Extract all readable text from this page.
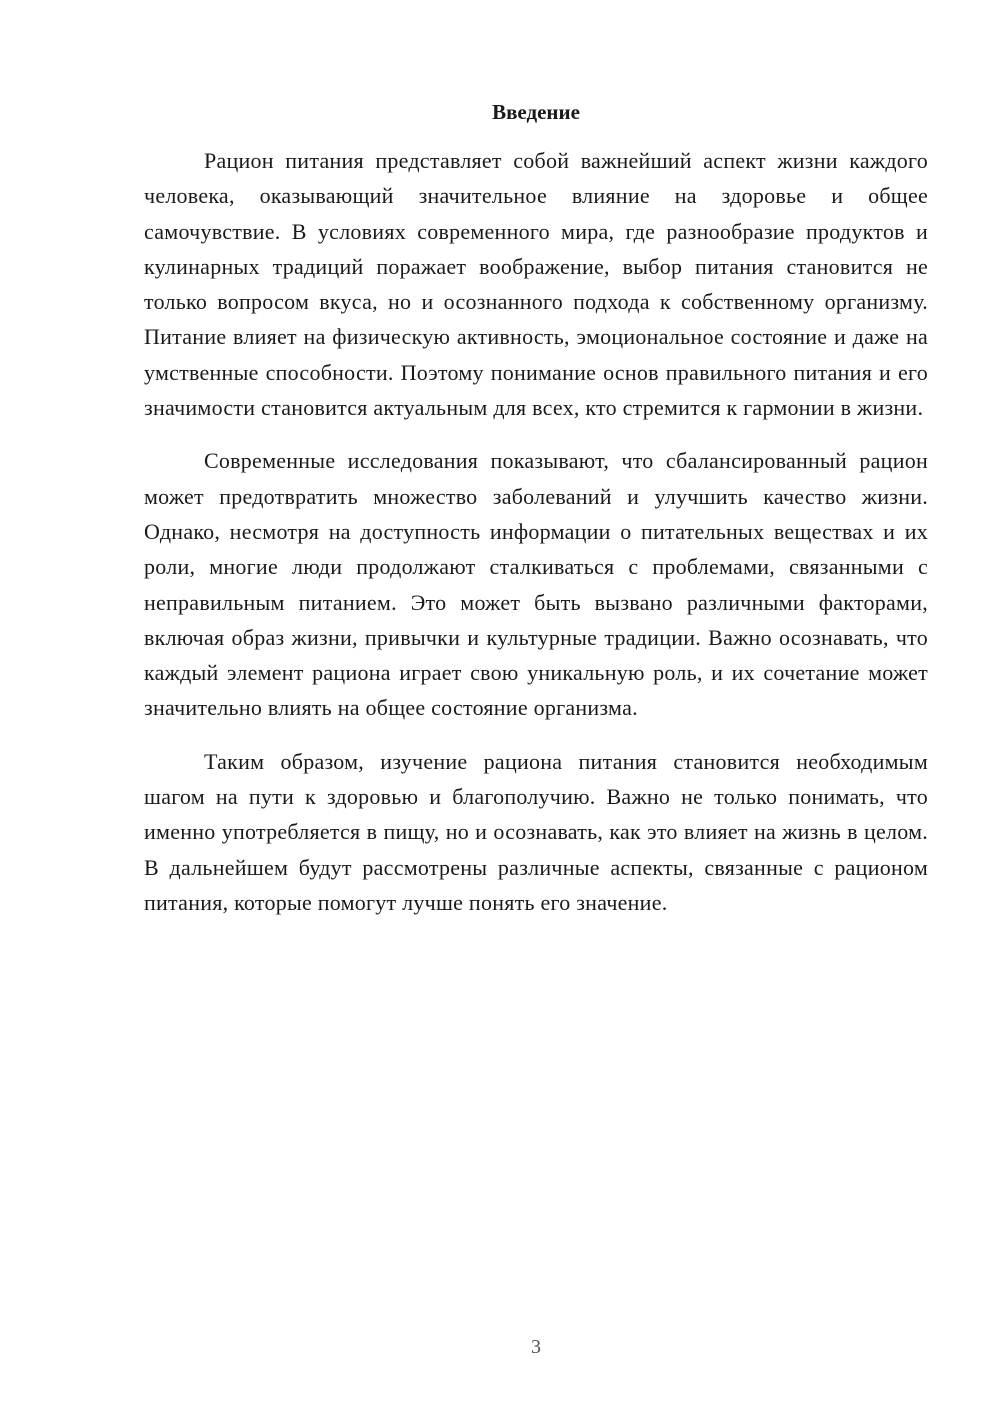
Введение

Рацион питания представляет собой важнейший аспект жизни каждого человека, оказывающий значительное влияние на здоровье и общее самочувствие. В условиях современного мира, где разнообразие продуктов и кулинарных традиций поражает воображение, выбор питания становится не только вопросом вкуса, но и осознанного подхода к собственному организму. Питание влияет на физическую активность, эмоциональное состояние и даже на умственные способности. Поэтому понимание основ правильного питания и его значимости становится актуальным для всех, кто стремится к гармонии в жизни.

Современные исследования показывают, что сбалансированный рацион может предотвратить множество заболеваний и улучшить качество жизни. Однако, несмотря на доступность информации о питательных веществах и их роли, многие люди продолжают сталкиваться с проблемами, связанными с неправильным питанием. Это может быть вызвано различными факторами, включая образ жизни, привычки и культурные традиции. Важно осознавать, что каждый элемент рациона играет свою уникальную роль, и их сочетание может значительно влиять на общее состояние организма.

Таким образом, изучение рациона питания становится необходимым шагом на пути к здоровью и благополучию. Важно не только понимать, что именно употребляется в пищу, но и осознавать, как это влияет на жизнь в целом. В дальнейшем будут рассмотрены различные аспекты, связанные с рационом питания, которые помогут лучше понять его значение.

3
